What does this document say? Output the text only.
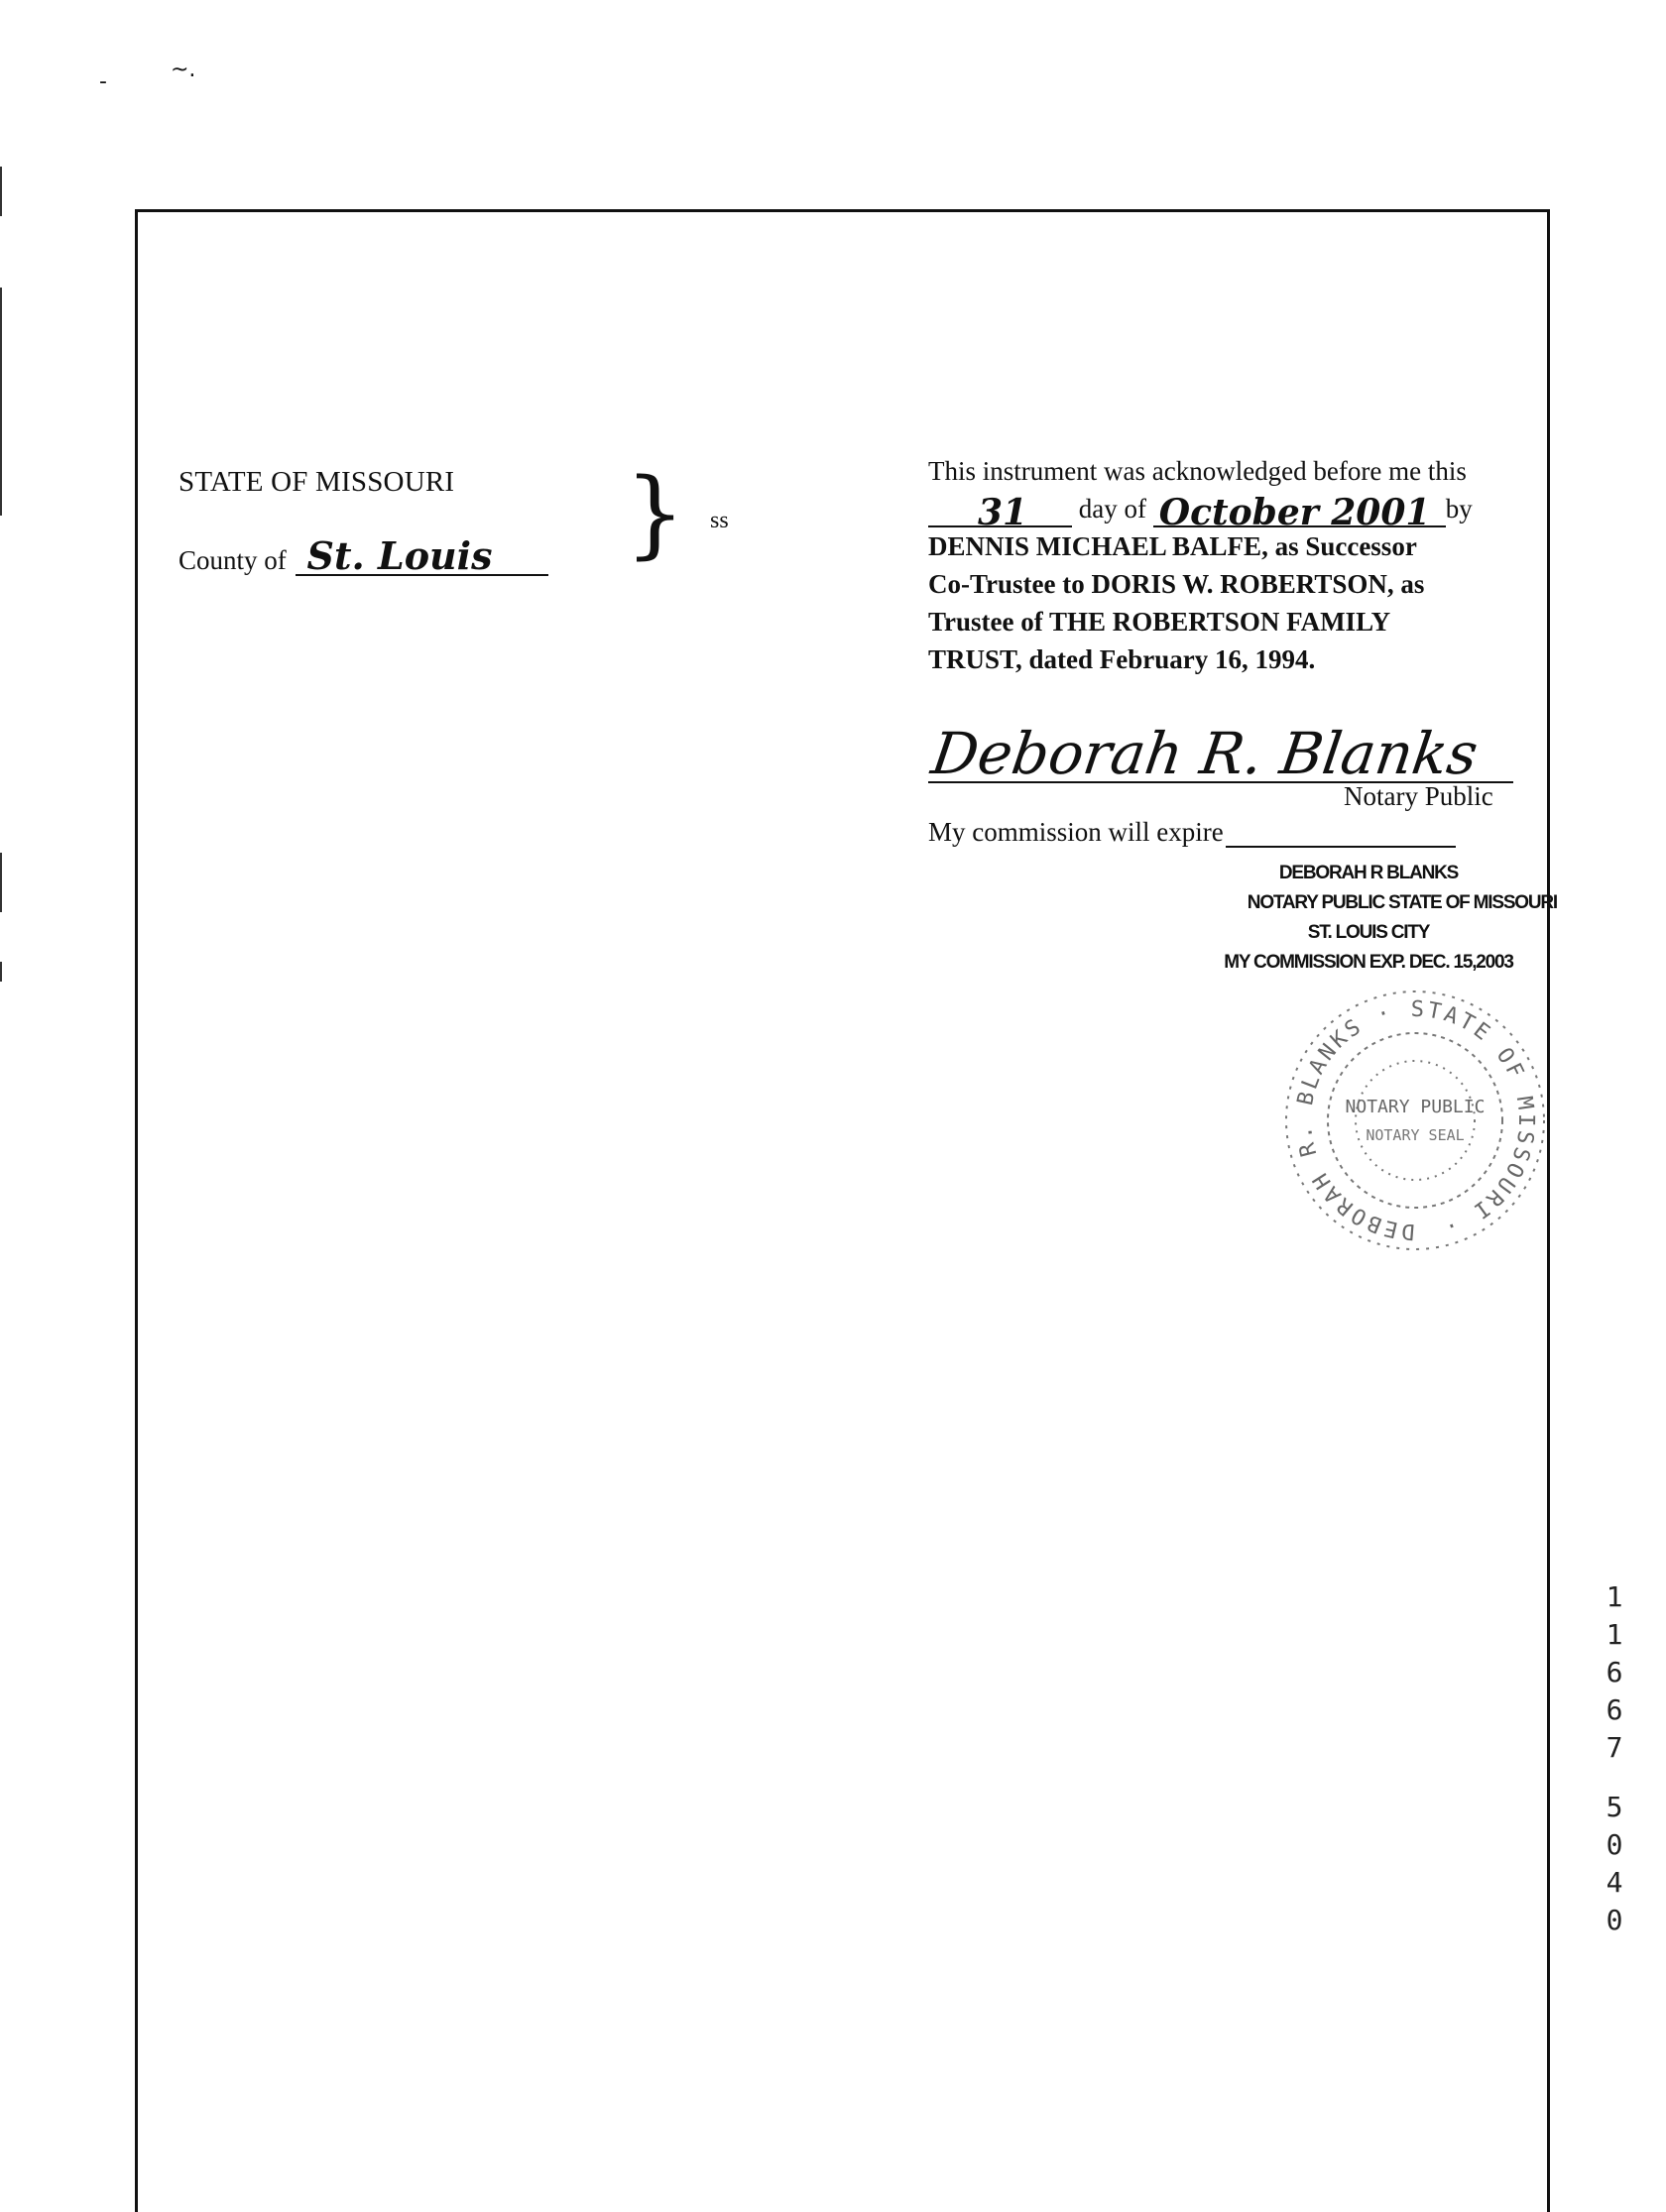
-	~.
STATE OF MISSOURI
County of St. Louis } ss
This instrument was acknowledged before me this
31 day of October 2001 by
DENNIS MICHAEL BALFE, as Successor
Co-Trustee to DORIS W. ROBERTSON, as
Trustee of THE ROBERTSON FAMILY
TRUST, dated February 16, 1994.
Deborah R. Blanks
Notary Public
My commission will expire
DEBORAH R BLANKS
NOTARY PUBLIC STATE OF MISSOURI
ST. LOUIS CITY
MY COMMISSION EXP. DEC. 15,2003
DEBORAH R. BLANKS · STATE OF MISSOURI ·
NOTARY PUBLIC
NOTARY SEAL
1
1
6
6
7
5
0
4
0
